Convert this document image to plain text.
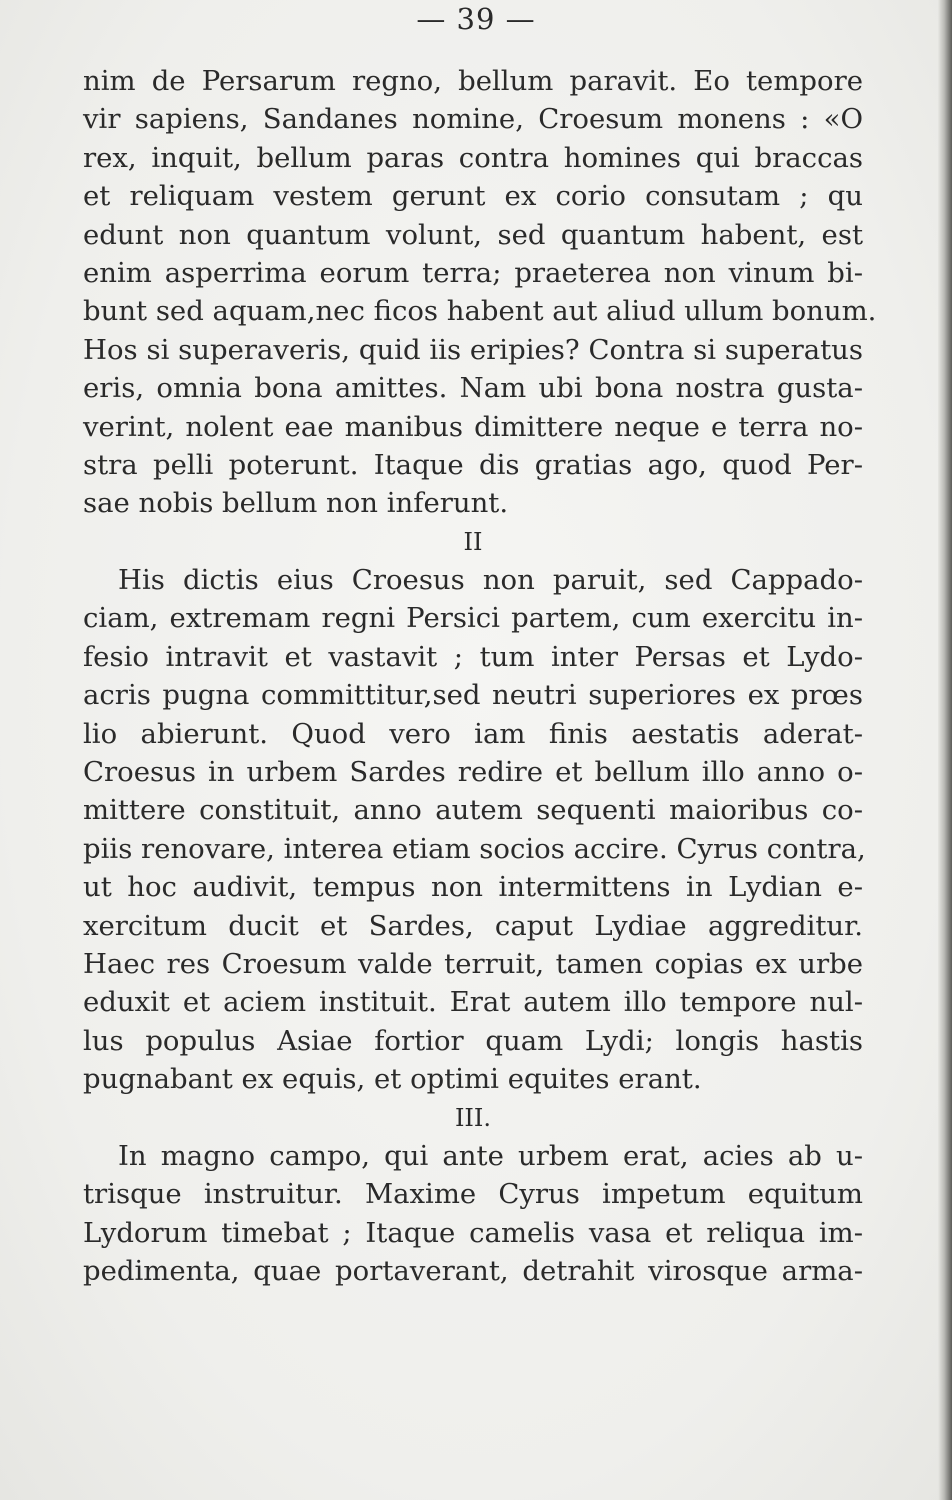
— 39 —
nim de Persarum regno, bellum paravit. Eo tempore
vir sapiens, Sandanes nomine, Croesum monens : «O
rex, inquit, bellum paras contra homines qui braccas
et reliquam vestem gerunt ex corio consutam ; qu
edunt non quantum volunt, sed quantum habent, est
enim asperrima eorum terra; praeterea non vinum bi-
bunt sed aquam,nec ficos habent aut aliud ullum bonum.
Hos si superaveris, quid iis eripies? Contra si superatus
eris, omnia bona amittes. Nam ubi bona nostra gusta-
verint, nolent eae manibus dimittere neque e terra no-
stra pelli poterunt. Itaque dis gratias ago, quod Per-
sae nobis bellum non inferunt.
II
His dictis eius Croesus non paruit, sed Cappado-
ciam, extremam regni Persici partem, cum exercitu in-
fesio intravit et vastavit ; tum inter Persas et Lydo-
acris pugna committitur,sed neutri superiores ex prœs
lio abierunt. Quod vero iam finis aestatis aderat-
Croesus in urbem Sardes redire et bellum illo anno o-
mittere constituit, anno autem sequenti maioribus co-
piis renovare, interea etiam socios accire. Cyrus contra,
ut hoc audivit, tempus non intermittens in Lydian e-
xercitum ducit et Sardes, caput Lydiae aggreditur.
Haec res Croesum valde terruit, tamen copias ex urbe
eduxit et aciem instituit. Erat autem illo tempore nul-
lus populus Asiae fortior quam Lydi; longis hastis
pugnabant ex equis, et optimi equites erant.
III.
In magno campo, qui ante urbem erat, acies ab u-
trisque instruitur. Maxime Cyrus impetum equitum
Lydorum timebat ; Itaque camelis vasa et reliqua im-
pedimenta, quae portaverant, detrahit virosque arma-
